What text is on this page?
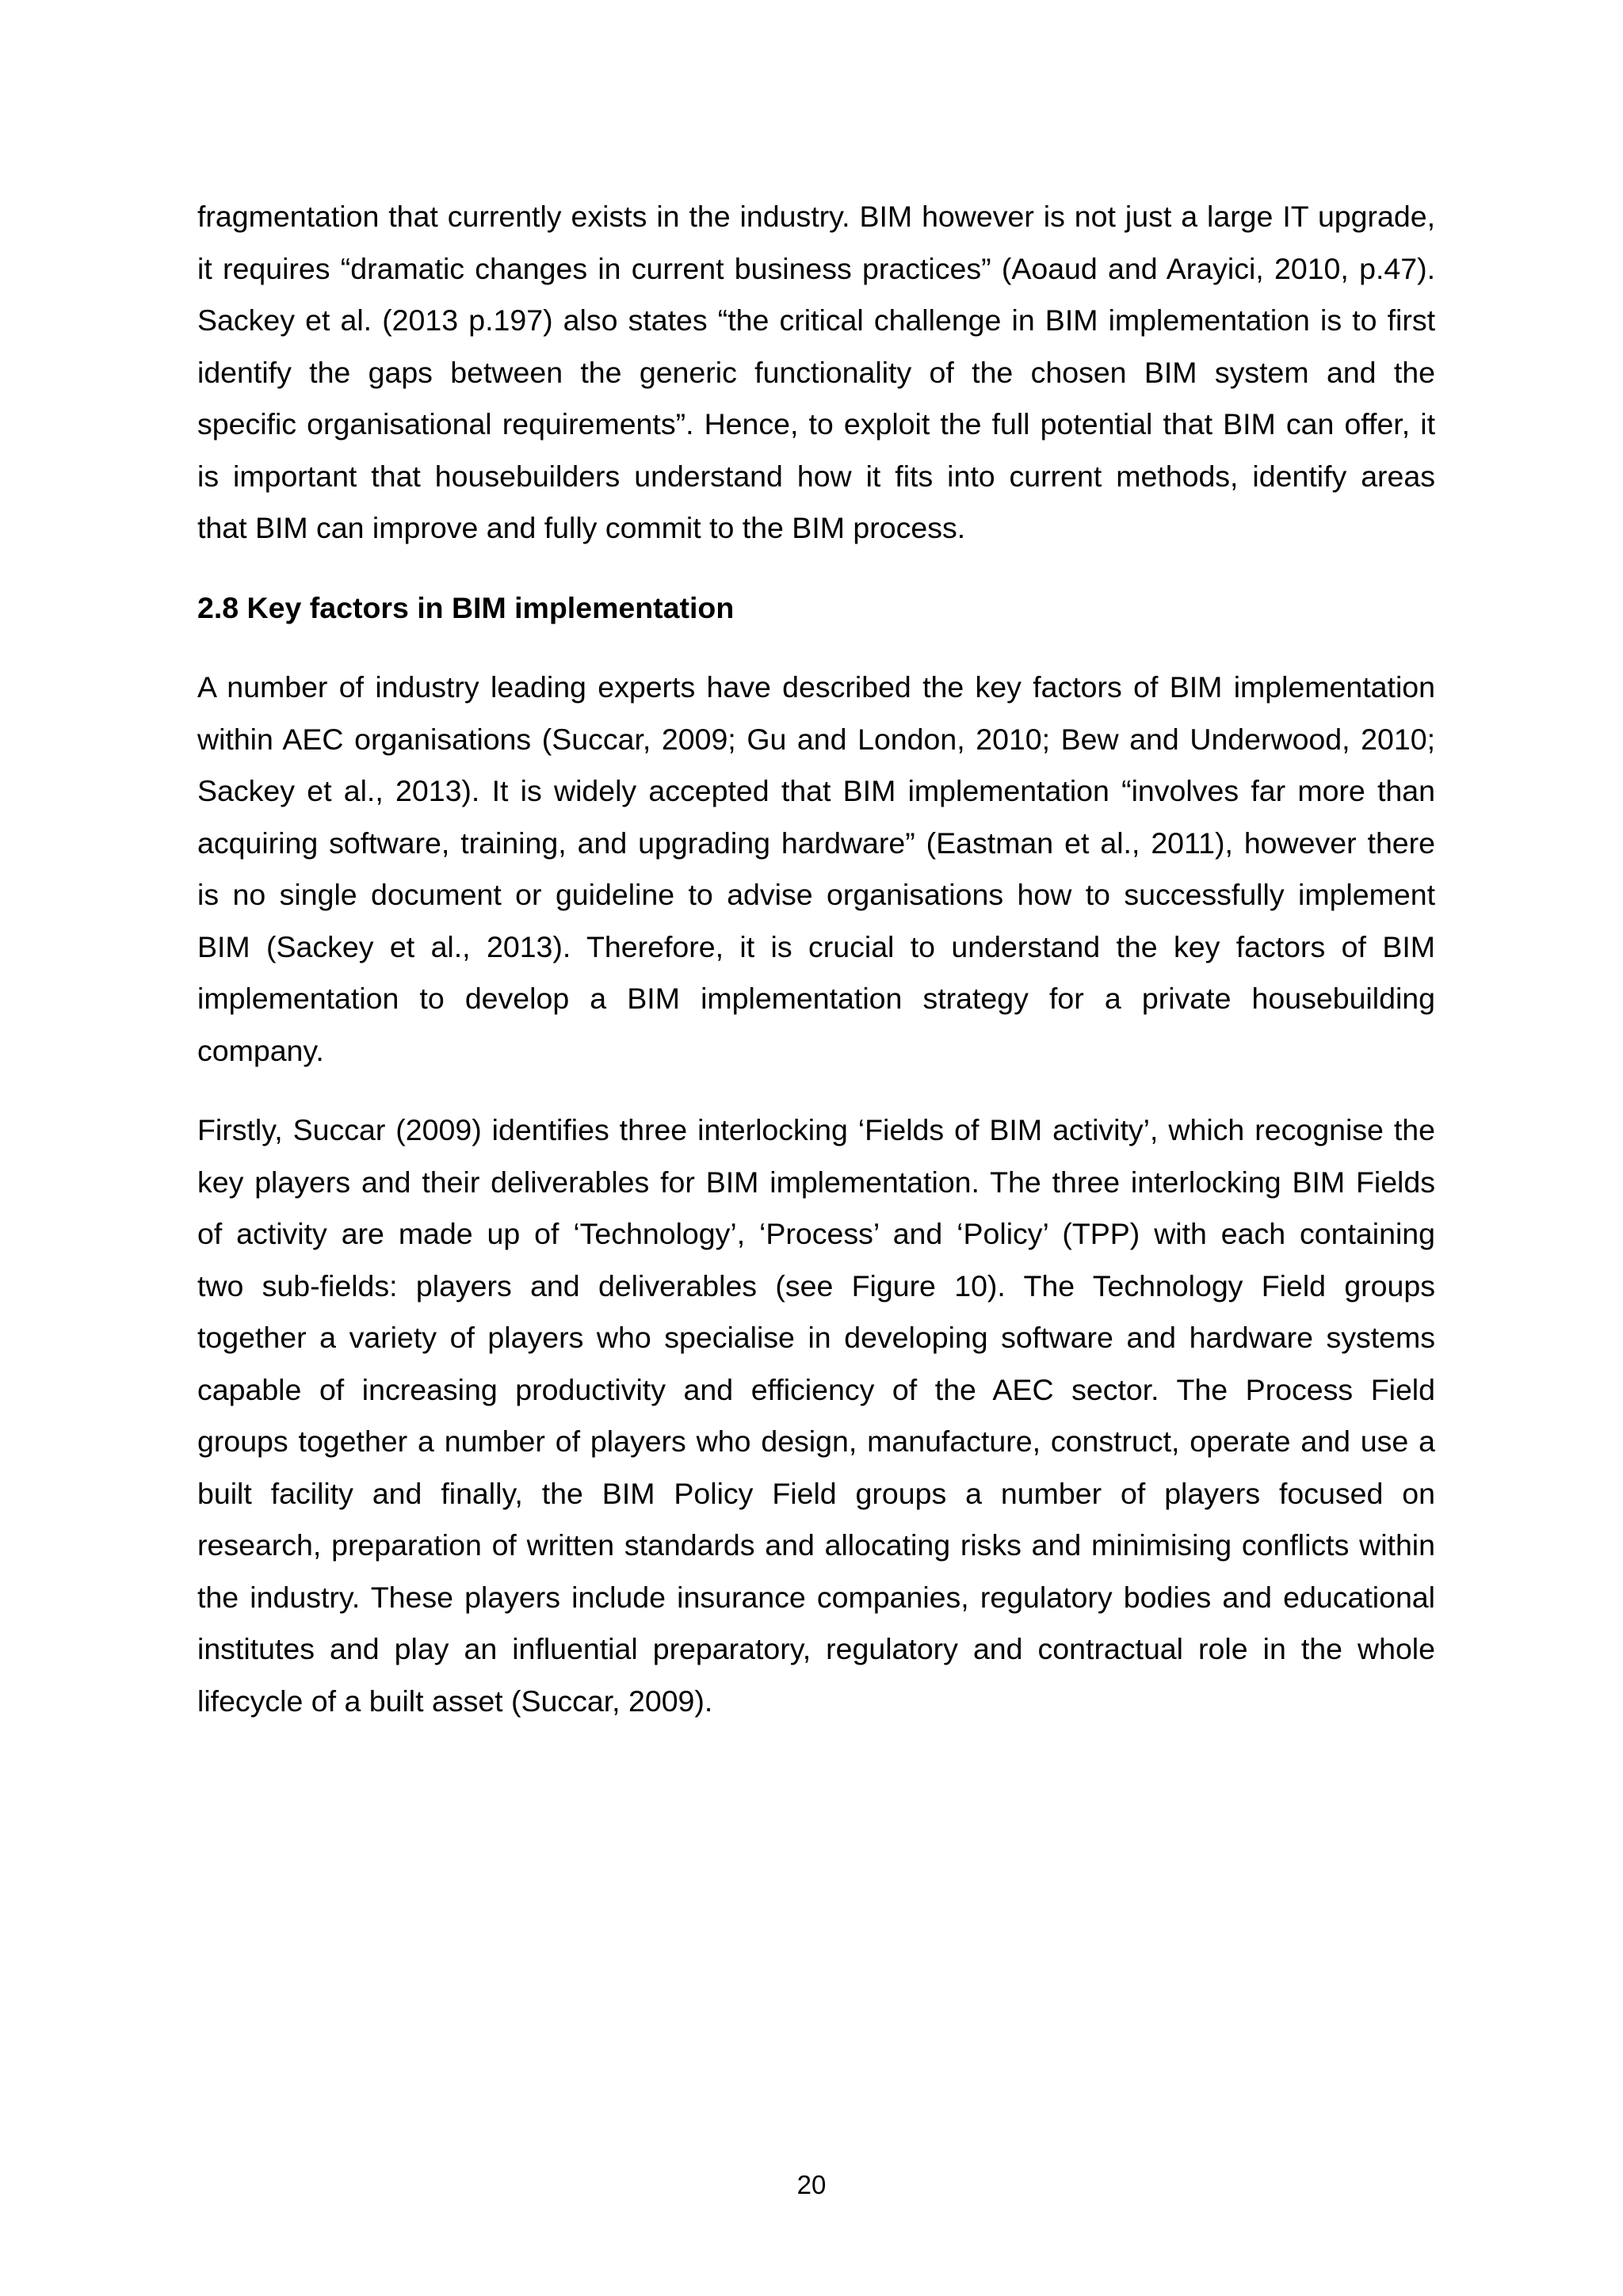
fragmentation that currently exists in the industry. BIM however is not just a large IT upgrade,
it requires “dramatic changes in current business practices” (Aoaud and Arayici, 2010, p.47).
Sackey et al. (2013 p.197) also states “the critical challenge in BIM implementation is to first
identify the gaps between the generic functionality of the chosen BIM system and the
specific organisational requirements”. Hence, to exploit the full potential that BIM can offer, it
is important that housebuilders understand how it fits into current methods, identify areas
that BIM can improve and fully commit to the BIM process.

2.8 Key factors in BIM implementation

A number of industry leading experts have described the key factors of BIM implementation
within AEC organisations (Succar, 2009; Gu and London, 2010; Bew and Underwood, 2010;
Sackey et al., 2013). It is widely accepted that BIM implementation “involves far more than
acquiring software, training, and upgrading hardware” (Eastman et al., 2011), however there
is no single document or guideline to advise organisations how to successfully implement
BIM (Sackey et al., 2013). Therefore, it is crucial to understand the key factors of BIM
implementation to develop a BIM implementation strategy for a private housebuilding
company.

Firstly, Succar (2009) identifies three interlocking ‘Fields of BIM activity’, which recognise the
key players and their deliverables for BIM implementation. The three interlocking BIM Fields
of activity are made up of ‘Technology’, ‘Process’ and ‘Policy’ (TPP) with each containing
two sub-fields: players and deliverables (see Figure 10). The Technology Field groups
together a variety of players who specialise in developing software and hardware systems
capable of increasing productivity and efficiency of the AEC sector. The Process Field
groups together a number of players who design, manufacture, construct, operate and use a
built facility and finally, the BIM Policy Field groups a number of players focused on
research, preparation of written standards and allocating risks and minimising conflicts within
the industry. These players include insurance companies, regulatory bodies and educational
institutes and play an influential preparatory, regulatory and contractual role in the whole
lifecycle of a built asset (Succar, 2009).

20
